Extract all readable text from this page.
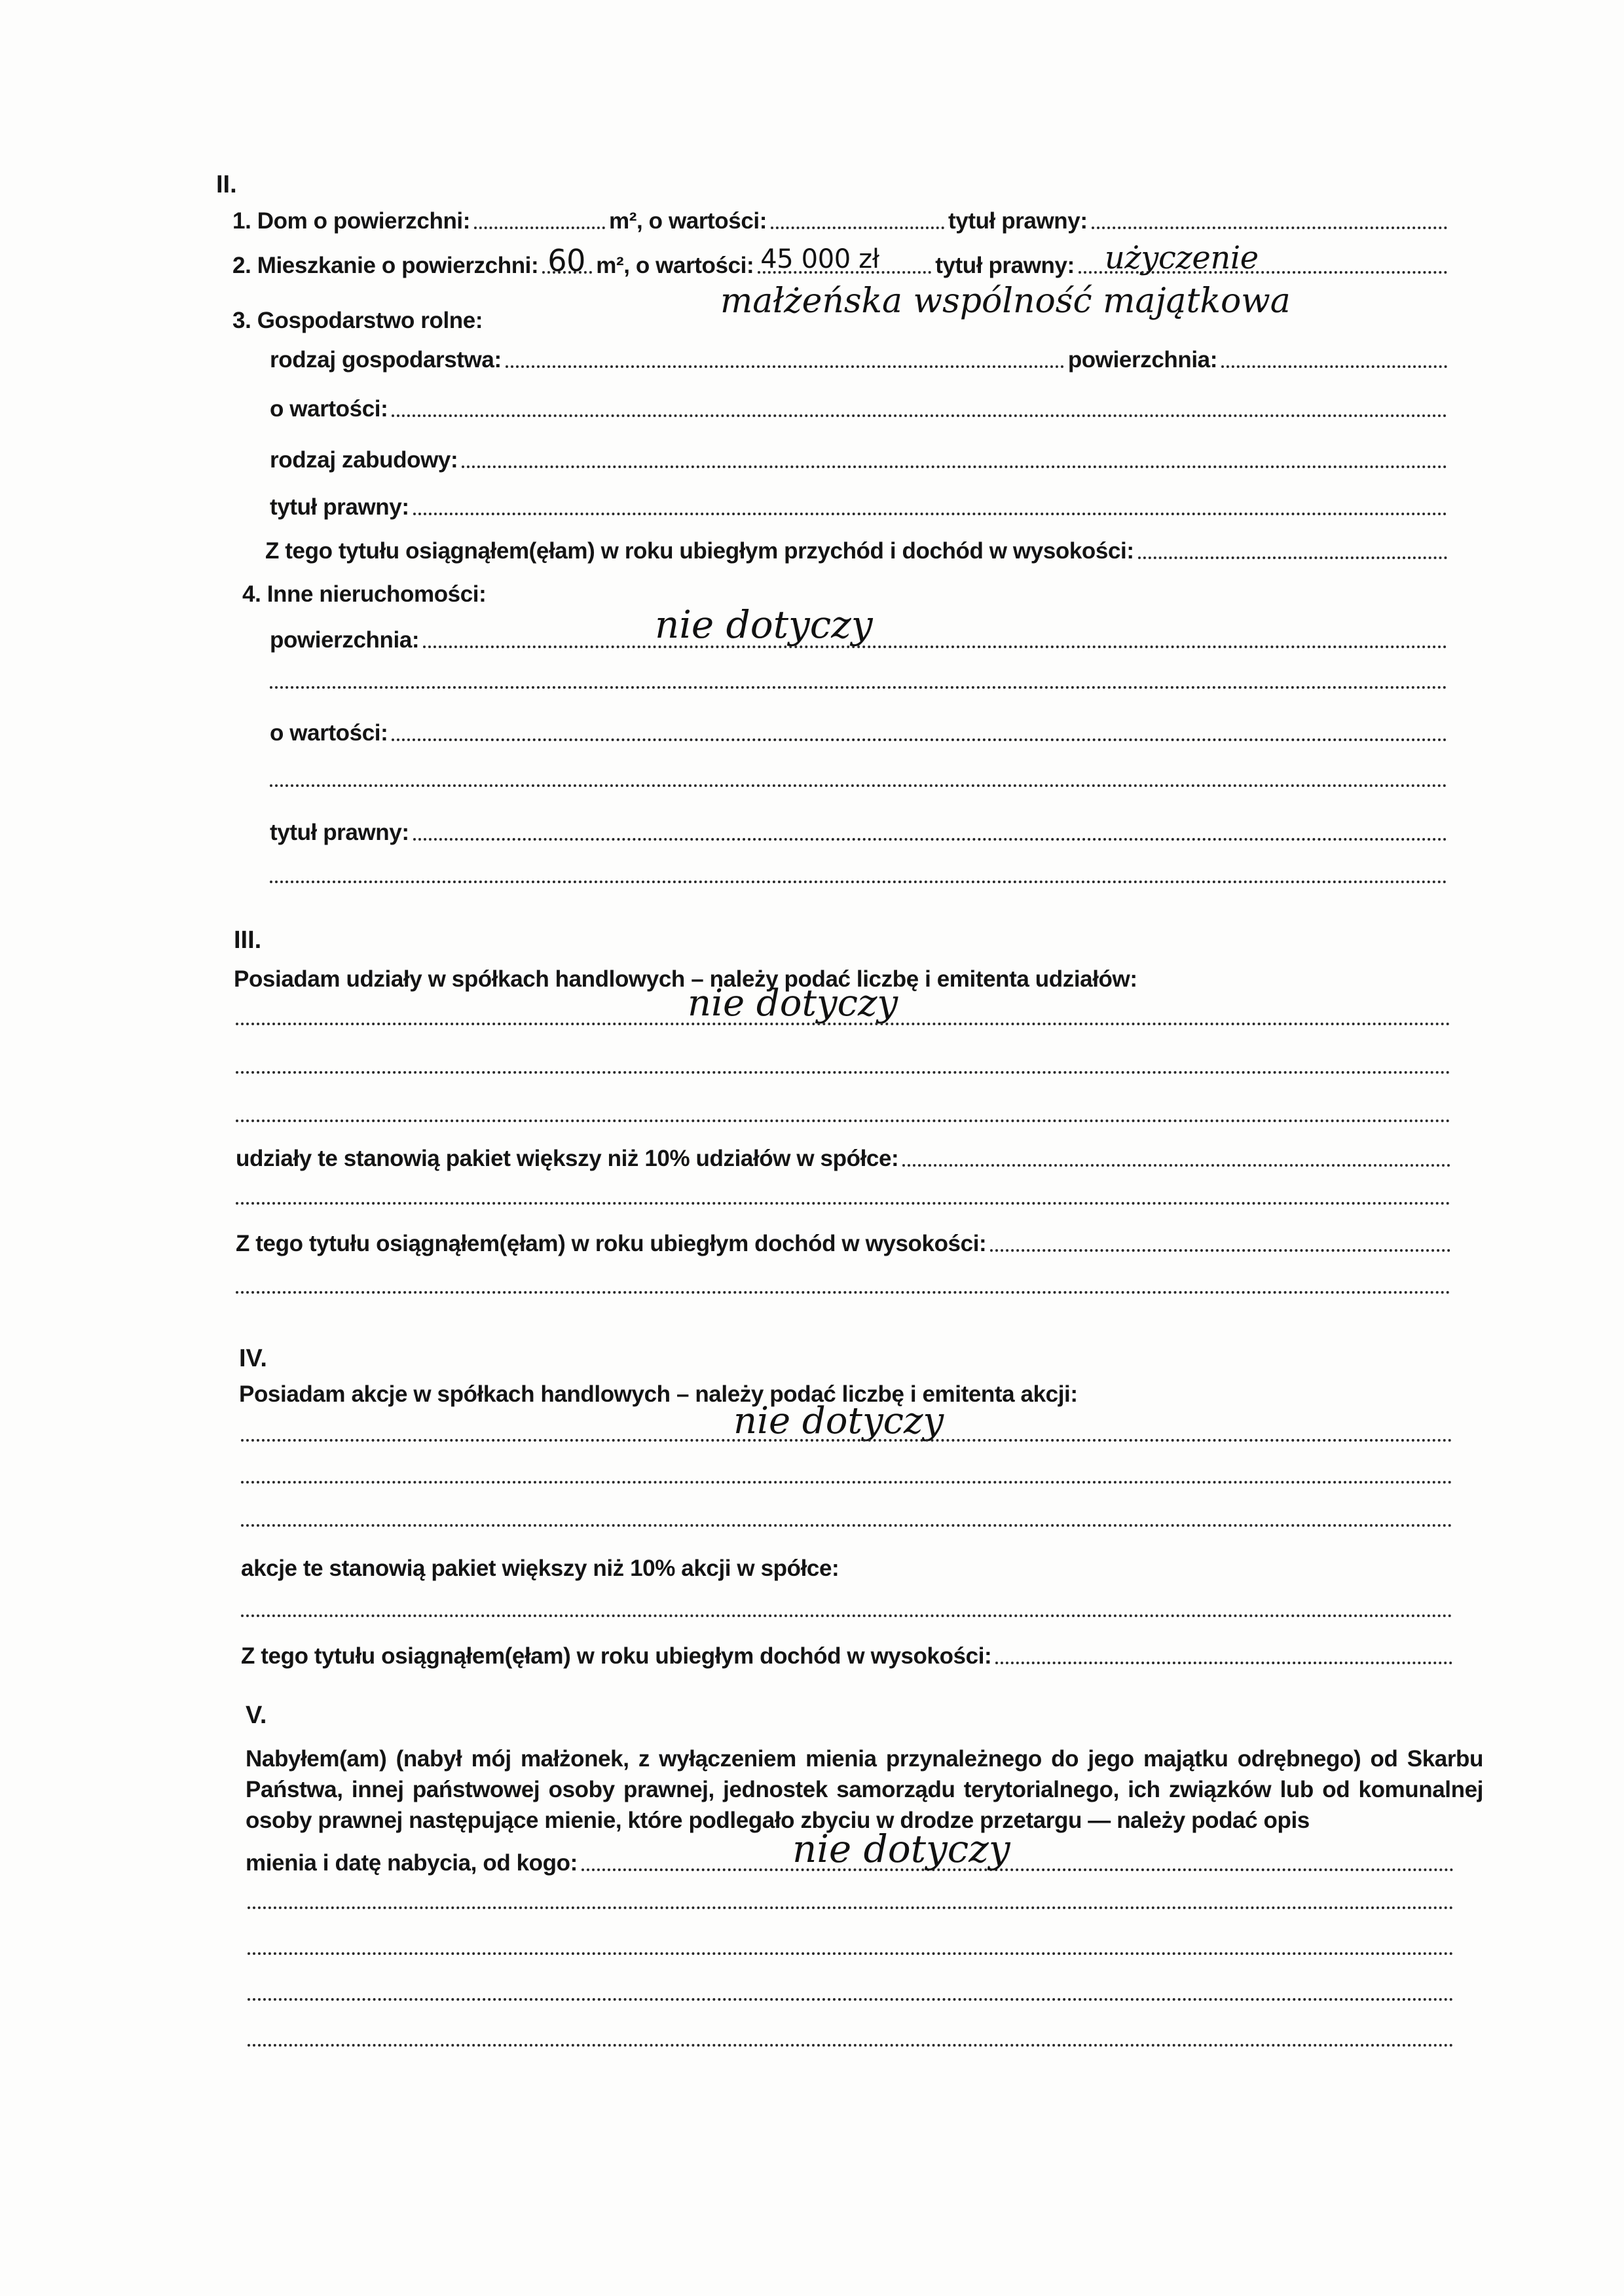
II.
1. Dom o powierzchni:	m², o wartości:	tytuł prawny:
2. Mieszkanie o powierzchni: 60 m², o wartości: 45 000 zł tytuł prawny: użyczenie
małżeńska wspólność majątkowa
3. Gospodarstwo rolne:
rodzaj gospodarstwa:	powierzchnia:
o wartości:
rodzaj zabudowy:
tytuł prawny:
Z tego tytułu osiągnąłem(ęłam) w roku ubiegłym przychód i dochód w wysokości:
4. Inne nieruchomości:
powierzchnia:	nie dotyczy
o wartości:
tytuł prawny:
III.
Posiadam udziały w spółkach handlowych – należy podać liczbę i emitenta udziałów:
nie dotyczy
udziały te stanowią pakiet większy niż 10% udziałów w spółce:
Z tego tytułu osiągnąłem(ęłam) w roku ubiegłym dochód w wysokości:
IV.
Posiadam akcje w spółkach handlowych – należy podać liczbę i emitenta akcji:
nie dotyczy
akcje te stanowią pakiet większy niż 10% akcji w spółce:
Z tego tytułu osiągnąłem(ęłam) w roku ubiegłym dochód w wysokości:
V.
Nabyłem(am) (nabył mój małżonek, z wyłączeniem mienia przynależnego do jego majątku odrębnego) od Skarbu Państwa, innej państwowej osoby prawnej, jednostek samorządu terytorialnego, ich związków lub od komunalnej osoby prawnej następujące mienie, które podlegało zbyciu w drodze przetargu — należy podać opis
mienia i datę nabycia, od kogo:	nie dotyczy
